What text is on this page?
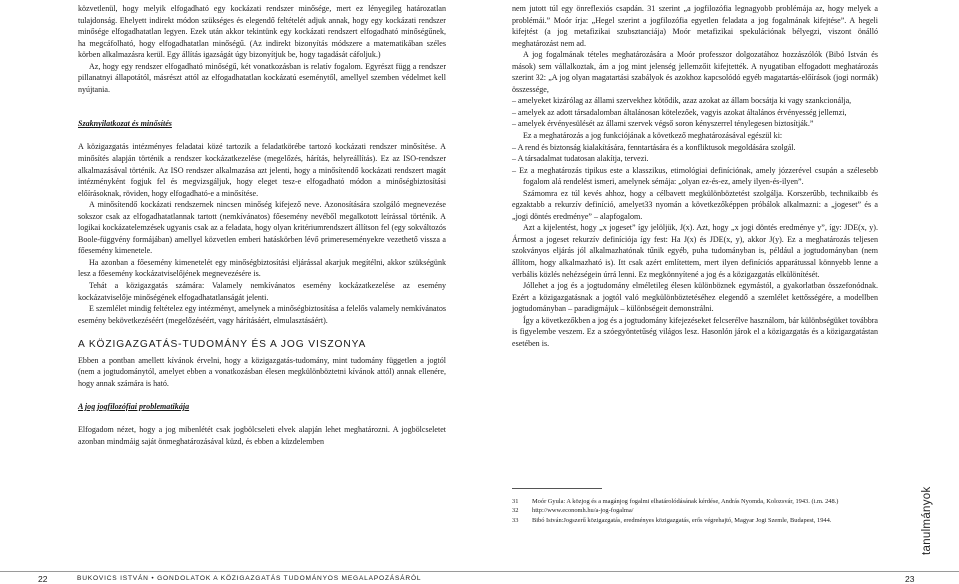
közvetlenül, hogy melyik elfogadható egy kockázati rendszer minősége, mert ez lényegileg határozatlan tulajdonság. Ehelyett indirekt módon szükséges és elegendő feltételét adjuk annak, hogy egy kockázati rendszer minősége elfogadhatatlan legyen. Ezek után akkor tekintünk egy kockázati rendszert elfogadható minőségűnek, ha megcáfolható, hogy elfogadhatatlan minőségű. (Az indirekt bizonyítás módszere a matematikában széles körben alkalmazásra kerül. Egy állítás igazságát úgy bizonyítjuk be, hogy tagadását cáfoljuk.)

Az, hogy egy rendszer elfogadható minőségű, két vonatkozásban is relatív fogalom. Egyrészt függ a rendszer pillanatnyi állapotától, másrészt attól az elfogadhatatlan kockázatú eseménytől, amellyel szemben védelmet kell nyújtania.

Szaknyilatkozat és minősítés

A közigazgatás intézményes feladatai közé tartozik a feladatkörébe tartozó kockázati rendszer minősítése. A minősítés alapján történik a rendszer kockázatkezelése (megelőzés, hárítás, helyreállítás). Ez az ISO-rendszer alkalmazásával történik. Az ISO rendszer alkalmazása azt jelenti, hogy a minősítendő kockázati rendszert magát intézményként fogjuk fel és megvizsgáljuk, hogy eleget tesz-e elfogadható módon a minőségbiztosítási előírásoknak, röviden, hogy elfogadható-e a minősítése.

A minősítendő kockázati rendszernek nincsen minőség kifejező neve. Azonosítására szolgáló megnevezése sokszor csak az elfogadhatatlannak tartott (nemkívánatos) főesemény nevéből megalkotott leírással történik. A logikai kockázatelemzések ugyanis csak az a feladata, hogy olyan kritériumrendszert állítson fel (egy sokváltozós Boole-függvény formájában) amellyel közvetlen emberi hatáskörben lévő primereseményekre vezethető vissza a főesemény kimenetele.

Ha azonban a főesemény kimenetelét egy minőségbiztosítási eljárással akarjuk megítélni, akkor szükségünk lesz a főesemény kockázatviselőjének megnevezésére is.

Tehát a közigazgatás számára: Valamely nemkívánatos esemény kockázatkezelése az esemény kockázatviselője minőségének elfogadhatatlanságát jelenti.

E szemlélet mindig feltételez egy intézményt, amelynek a minőségbiztosítása a felelős valamely nemkívánatos esemény bekövetkezéséért (megelőzéséért, vagy hárításáért, elmulasztásáért).

A KÖZIGAZGATÁS-TUDOMÁNY ÉS A JOG VISZONYA

Ebben a pontban amellett kívánok érvelni, hogy a közigazgatás-tudomány, mint tudomány független a jogtól (nem a jogtudománytól, amelyet ebben a vonatkozásban élesen megkülönböztetni kívánok attól) annak ellenére, hogy annak számára is ható.

A jog jogfilozófiai problematikája

Elfogadom nézet, hogy a jog mibenlétét csak jogbölcseleti elvek alapján lehet meghatározni. A jogbölcseletet azonban mindmáig saját önmeghatározásával küzd, és ebben a küzdelemben

nem jutott túl egy önreflexiós csapdán. 31 szerint „a jogfilozófia legnagyobb problémája az, hogy melyek a problémái.” Moór írja: „Hegel szerint a jogfilozófia egyetlen feladata a jog fogalmának kifejtése”. A hegeli kifejtést (a jog metafizikai szubsztanciája) Moór metafizikai spekulációnak bélyegzi, viszont önálló meghatározást nem ad.

A jog fogalmának tételes meghatározására a Moór professzor dolgozatához hozzászólók (Bibó István és mások) sem vállalkoztak, ám a jog mint jelenség jellemzőit kifejtették. A nyugatiban elfogadott meghatározás szerint 32: „A jog olyan magatartási szabályok és azokhoz kapcsolódó egyéb magatartás-előírások (jogi normák) összessége,

– amelyeket kizárólag az állami szervekhez kötődik, azaz azokat az állam bocsátja ki vagy szankcionálja,

– amelyek az adott társadalomban általánosan kötelezőek, vagyis azokat általános érvényesség jellemzi,

– amelyek érvényesülését az állami szervek végső soron kényszerrel ténylegesen biztosítják.”

Ez a meghatározás a jog funkciójának a következő meghatározásával egészül ki:

– A rend és biztonság kialakítására, fenntartására és a konfliktusok megoldására szolgál.

– A társadalmat tudatosan alakítja, tervezi.

– Ez a meghatározás tipikus este a klasszikus, etimológiai definíciónak, amely józzerével csupán a szélesebb fogalom alá rendelést ismeri, amelynek sémája: „olyan ez-és-ez, amely ilyen-és-ilyen”.

Számomra ez túl kevés ahhoz, hogy a célbavett megkülönböztetést szolgálja. Korszerűbb, technikaibb és egzaktabb a rekurzív definíció, amelyet33 nyomán a következőképpen próbálok alkalmazni: a „jogeset” és a „jogi döntés eredménye” – alapfogalom.

Azt a kijelentést, hogy „x jogeset” így jelöljük, J(x). Azt, hogy „x jogi döntés eredménye y”, így: JDE(x, y). Ármost a jogeset rekurzív definíciója így fest: Ha J(x) és JDE(x, y), akkor J(y). Ez a meghatározás teljesen szokványos eljárás jól alkalmazhatónak tűnik egyéb, puha tudományban is, például a jogtudományban (nem állítom, hogy alkalmazható is). Itt csak azért említettem, mert ilyen definíciós apparátussal könnyebb lenne a verbális közlés nehézségein úrrá lenni. Ez megkönnyítené a jog és a közigazgatás elkülönítését.

Jóllehet a jog és a jogtudomány elméletileg élesen különböznek egymástól, a gyakorlatban összefonódnak. Ezért a közigazgatásnak a jogtól való megkülönböztetéséhez elegendő a szemlélet kettősségére, a modellben jogtudományban – paradigmájuk – különbségeit demonstrálni.

Így a következőkben a jog és a jogtudomány kifejezéseket felcserélve használom, bár különbségüket továbbra is figyelembe veszem. Ez a szóegyöntetűség világos lesz. Hasonlón járok el a közigazgatás és a közigazgatástan esetében is.

31	Moór Gyula: A közjog és a magánjog fogalmi elhatárolódásának kérdése, András Nyomda, Kolozsvár, 1943. (i.m. 248.)
32	http://www.economh.hu/a-jog-fogalma/
33	Bibó István:Jogszerű közigazgatás, eredményes közigazgatás, erős végrehajtó, Magyar Jogi Szemle, Budapest, 1944.	tanulmányok
22	BUKOVICS ISTVÁN • GONDOLATOK A KÖZIGAZGATÁS TUDOMÁNYOS MEGALAPOZÁSÁRÓL	23
